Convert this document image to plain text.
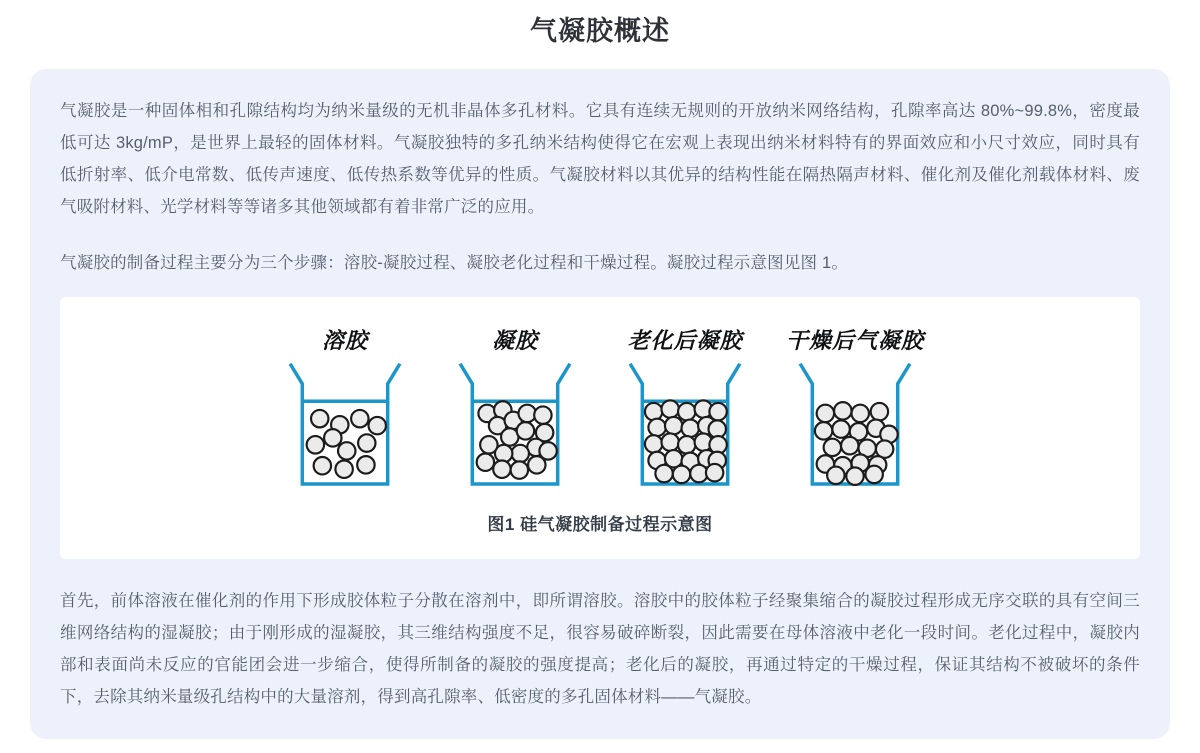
气凝胶概述

气凝胶是一种固体相和孔隙结构均为纳米量级的无机非晶体多孔材料。它具有连续无规则的开放纳米网络结构，孔隙率高达 80%~99.8%，密度最低可达 3kg/mP，是世界上最轻的固体材料。气凝胶独特的多孔纳米结构使得它在宏观上表现出纳米材料特有的界面效应和小尺寸效应，同时具有低折射率、低介电常数、低传声速度、低传热系数等优异的性质。气凝胶材料以其优异的结构性能在隔热隔声材料、催化剂及催化剂载体材料、废气吸附材料、光学材料等等诸多其他领域都有着非常广泛的应用。

气凝胶的制备过程主要分为三个步骤：溶胶-凝胶过程、凝胶老化过程和干燥过程。凝胶过程示意图见图 1。

溶胶	凝胶	老化后凝胶 干燥后气凝胶
图1 硅气凝胶制备过程示意图

首先，前体溶液在催化剂的作用下形成胶体粒子分散在溶剂中，即所谓溶胶。溶胶中的胶体粒子经聚集缩合的凝胶过程形成无序交联的具有空间三维网络结构的湿凝胶；由于刚形成的湿凝胶，其三维结构强度不足，很容易破碎断裂，因此需要在母体溶液中老化一段时间。老化过程中，凝胶内部和表面尚未反应的官能团会进一步缩合，使得所制备的凝胶的强度提高；老化后的凝胶，再通过特定的干燥过程，保证其结构不被破坏的条件下，去除其纳米量级孔结构中的大量溶剂，得到高孔隙率、低密度的多孔固体材料——气凝胶。
